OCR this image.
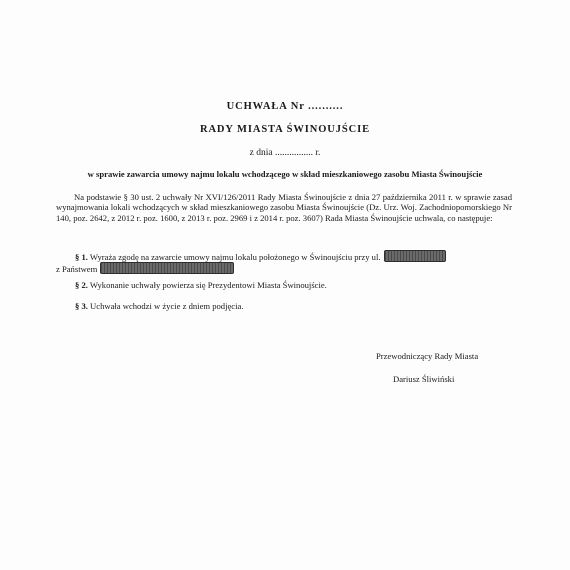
UCHWAŁA Nr ..........
RADY MIASTA ŚWINOUJŚCIE
z dnia ................ r.
w sprawie zawarcia umowy najmu lokalu wchodzącego w skład mieszkaniowego zasobu Miasta Świnoujście
Na podstawie § 30 ust. 2 uchwały Nr XVI/126/2011 Rady Miasta Świnoujście z dnia 27 października 2011 r. w sprawie zasad wynajmowania lokali wchodzących w skład mieszkaniowego zasobu Miasta Świnoujście (Dz. Urz. Woj. Zachodniopomorskiego Nr 140, poz. 2642, z 2012 r. poz. 1600, z 2013 r. poz. 2969 i z 2014 r. poz. 3607) Rada Miasta Świnoujście uchwala, co następuje:
§ 1. Wyraża zgodę na zawarcie umowy najmu lokalu położonego w Świnoujściu przy ul.
z Państwem
§ 2. Wykonanie uchwały powierza się Prezydentowi Miasta Świnoujście.
§ 3. Uchwała wchodzi w życie z dniem podjęcia.
Przewodniczący Rady Miasta
Dariusz Śliwiński
